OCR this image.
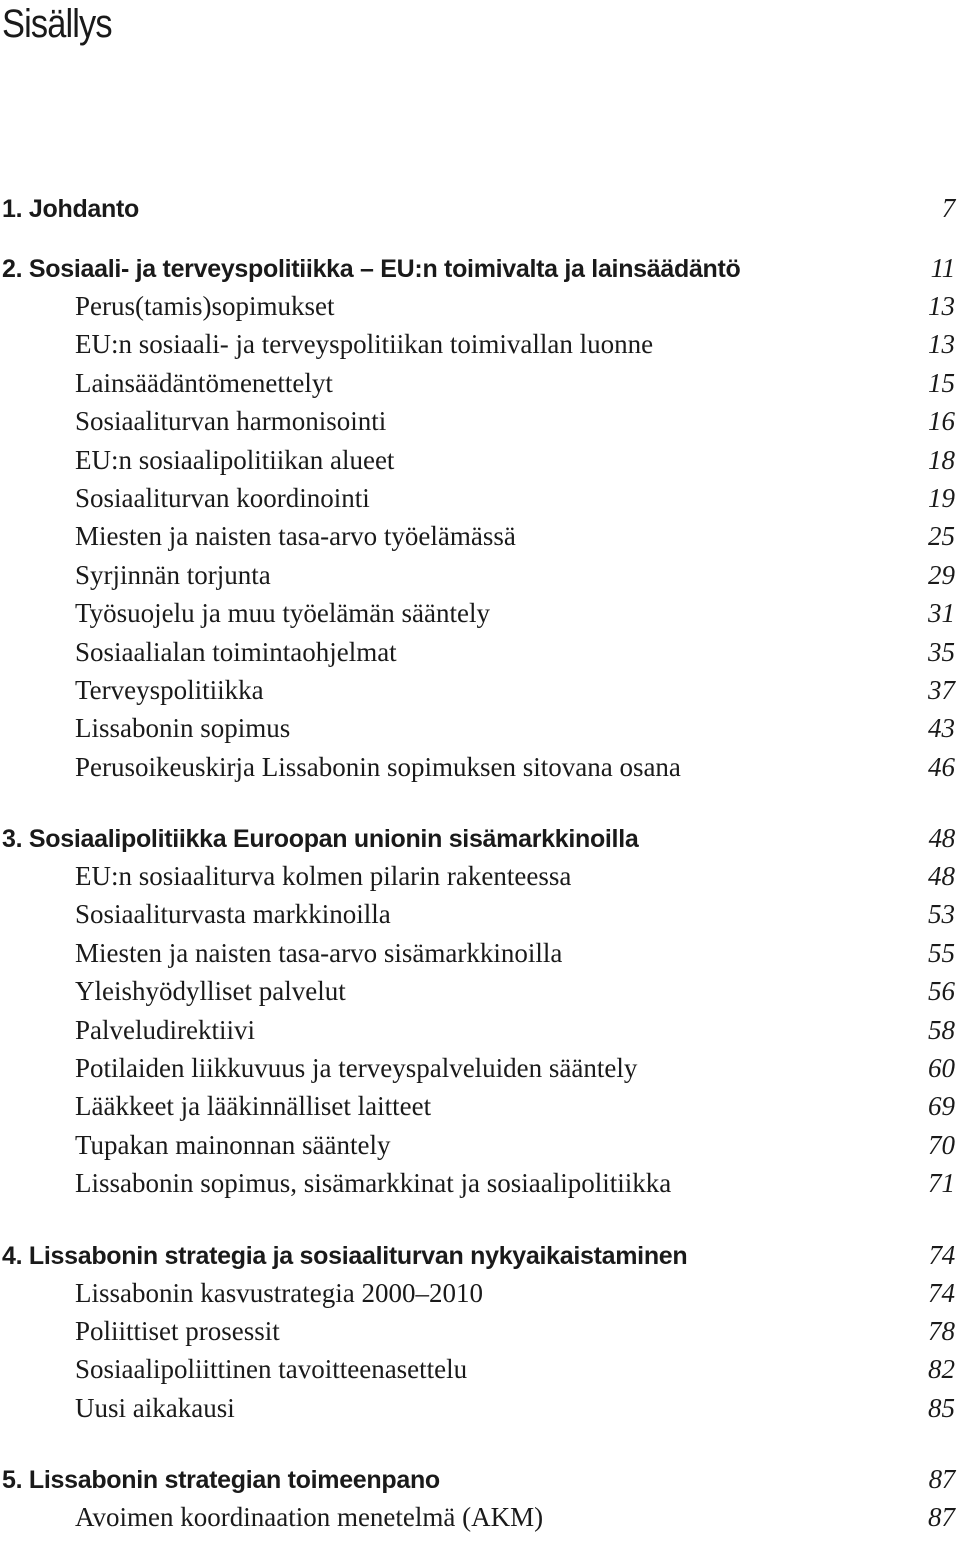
Sisällys
1. Johdanto	7
2. Sosiaali- ja terveyspolitiikka – EU:n toimivalta ja lainsäädäntö	11
Perus(tamis)sopimukset	13
EU:n sosiaali- ja terveyspolitiikan toimivallan luonne	13
Lainsäädäntömenettelyt	15
Sosiaaliturvan harmonisointi	16
EU:n sosiaalipolitiikan alueet	18
Sosiaaliturvan koordinointi	19
Miesten ja naisten tasa-arvo työelämässä	25
Syrjinnän torjunta	29
Työsuojelu ja muu työelämän sääntely	31
Sosiaalialan toimintaohjelmat	35
Terveyspolitiikka	37
Lissabonin sopimus	43
Perusoikeuskirja Lissabonin sopimuksen sitovana osana	46
3. Sosiaalipolitiikka Euroopan unionin sisämarkkinoilla	48
EU:n sosiaaliturva kolmen pilarin rakenteessa	48
Sosiaaliturvasta markkinoilla	53
Miesten ja naisten tasa-arvo sisämarkkinoilla	55
Yleishyödylliset palvelut	56
Palveludirektiivi	58
Potilaiden liikkuvuus ja terveyspalveluiden sääntely	60
Lääkkeet ja lääkinnälliset laitteet	69
Tupakan mainonnan sääntely	70
Lissabonin sopimus, sisämarkkinat ja sosiaalipolitiikka	71
4. Lissabonin strategia ja sosiaaliturvan nykyaikaistaminen	74
Lissabonin kasvustrategia 2000–2010	74
Poliittiset prosessit	78
Sosiaalipoliittinen tavoitteenasettelu	82
Uusi aikakausi	85
5. Lissabonin strategian toimeenpano	87
Avoimen koordinaation menetelmä (AKM)	87
